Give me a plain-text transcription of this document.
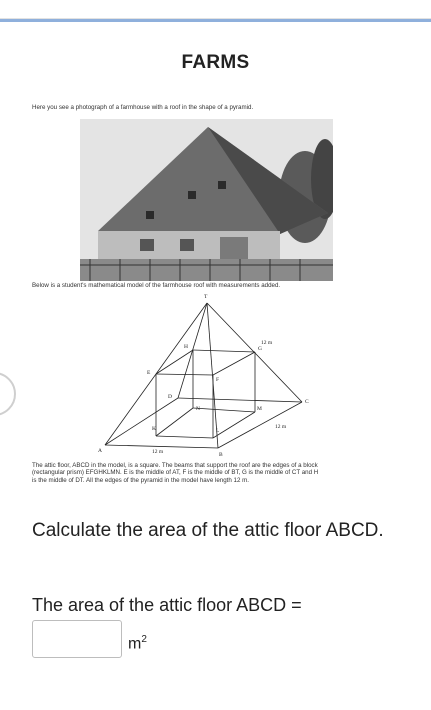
FARMS
Here you see a photograph of a farmhouse with a roof in the shape of a pyramid.
Below is a student's mathematical model of the farmhouse roof with measurements added.
T
H	G
E
F
D
C
N	M
K	L
A
B
12 m
12 m
12 m
The attic floor, ABCD in the model, is a square. The beams that support the roof are the edges of a block
(rectangular prism) EFGHKLMN. E is the middle of AT, F is the middle of BT, G is the middle of CT and H
is the middle of DT. All the edges of the pyramid in the model have length 12 m.
Calculate the area of the attic floor ABCD.
The area of the attic floor ABCD =
$m^2$
